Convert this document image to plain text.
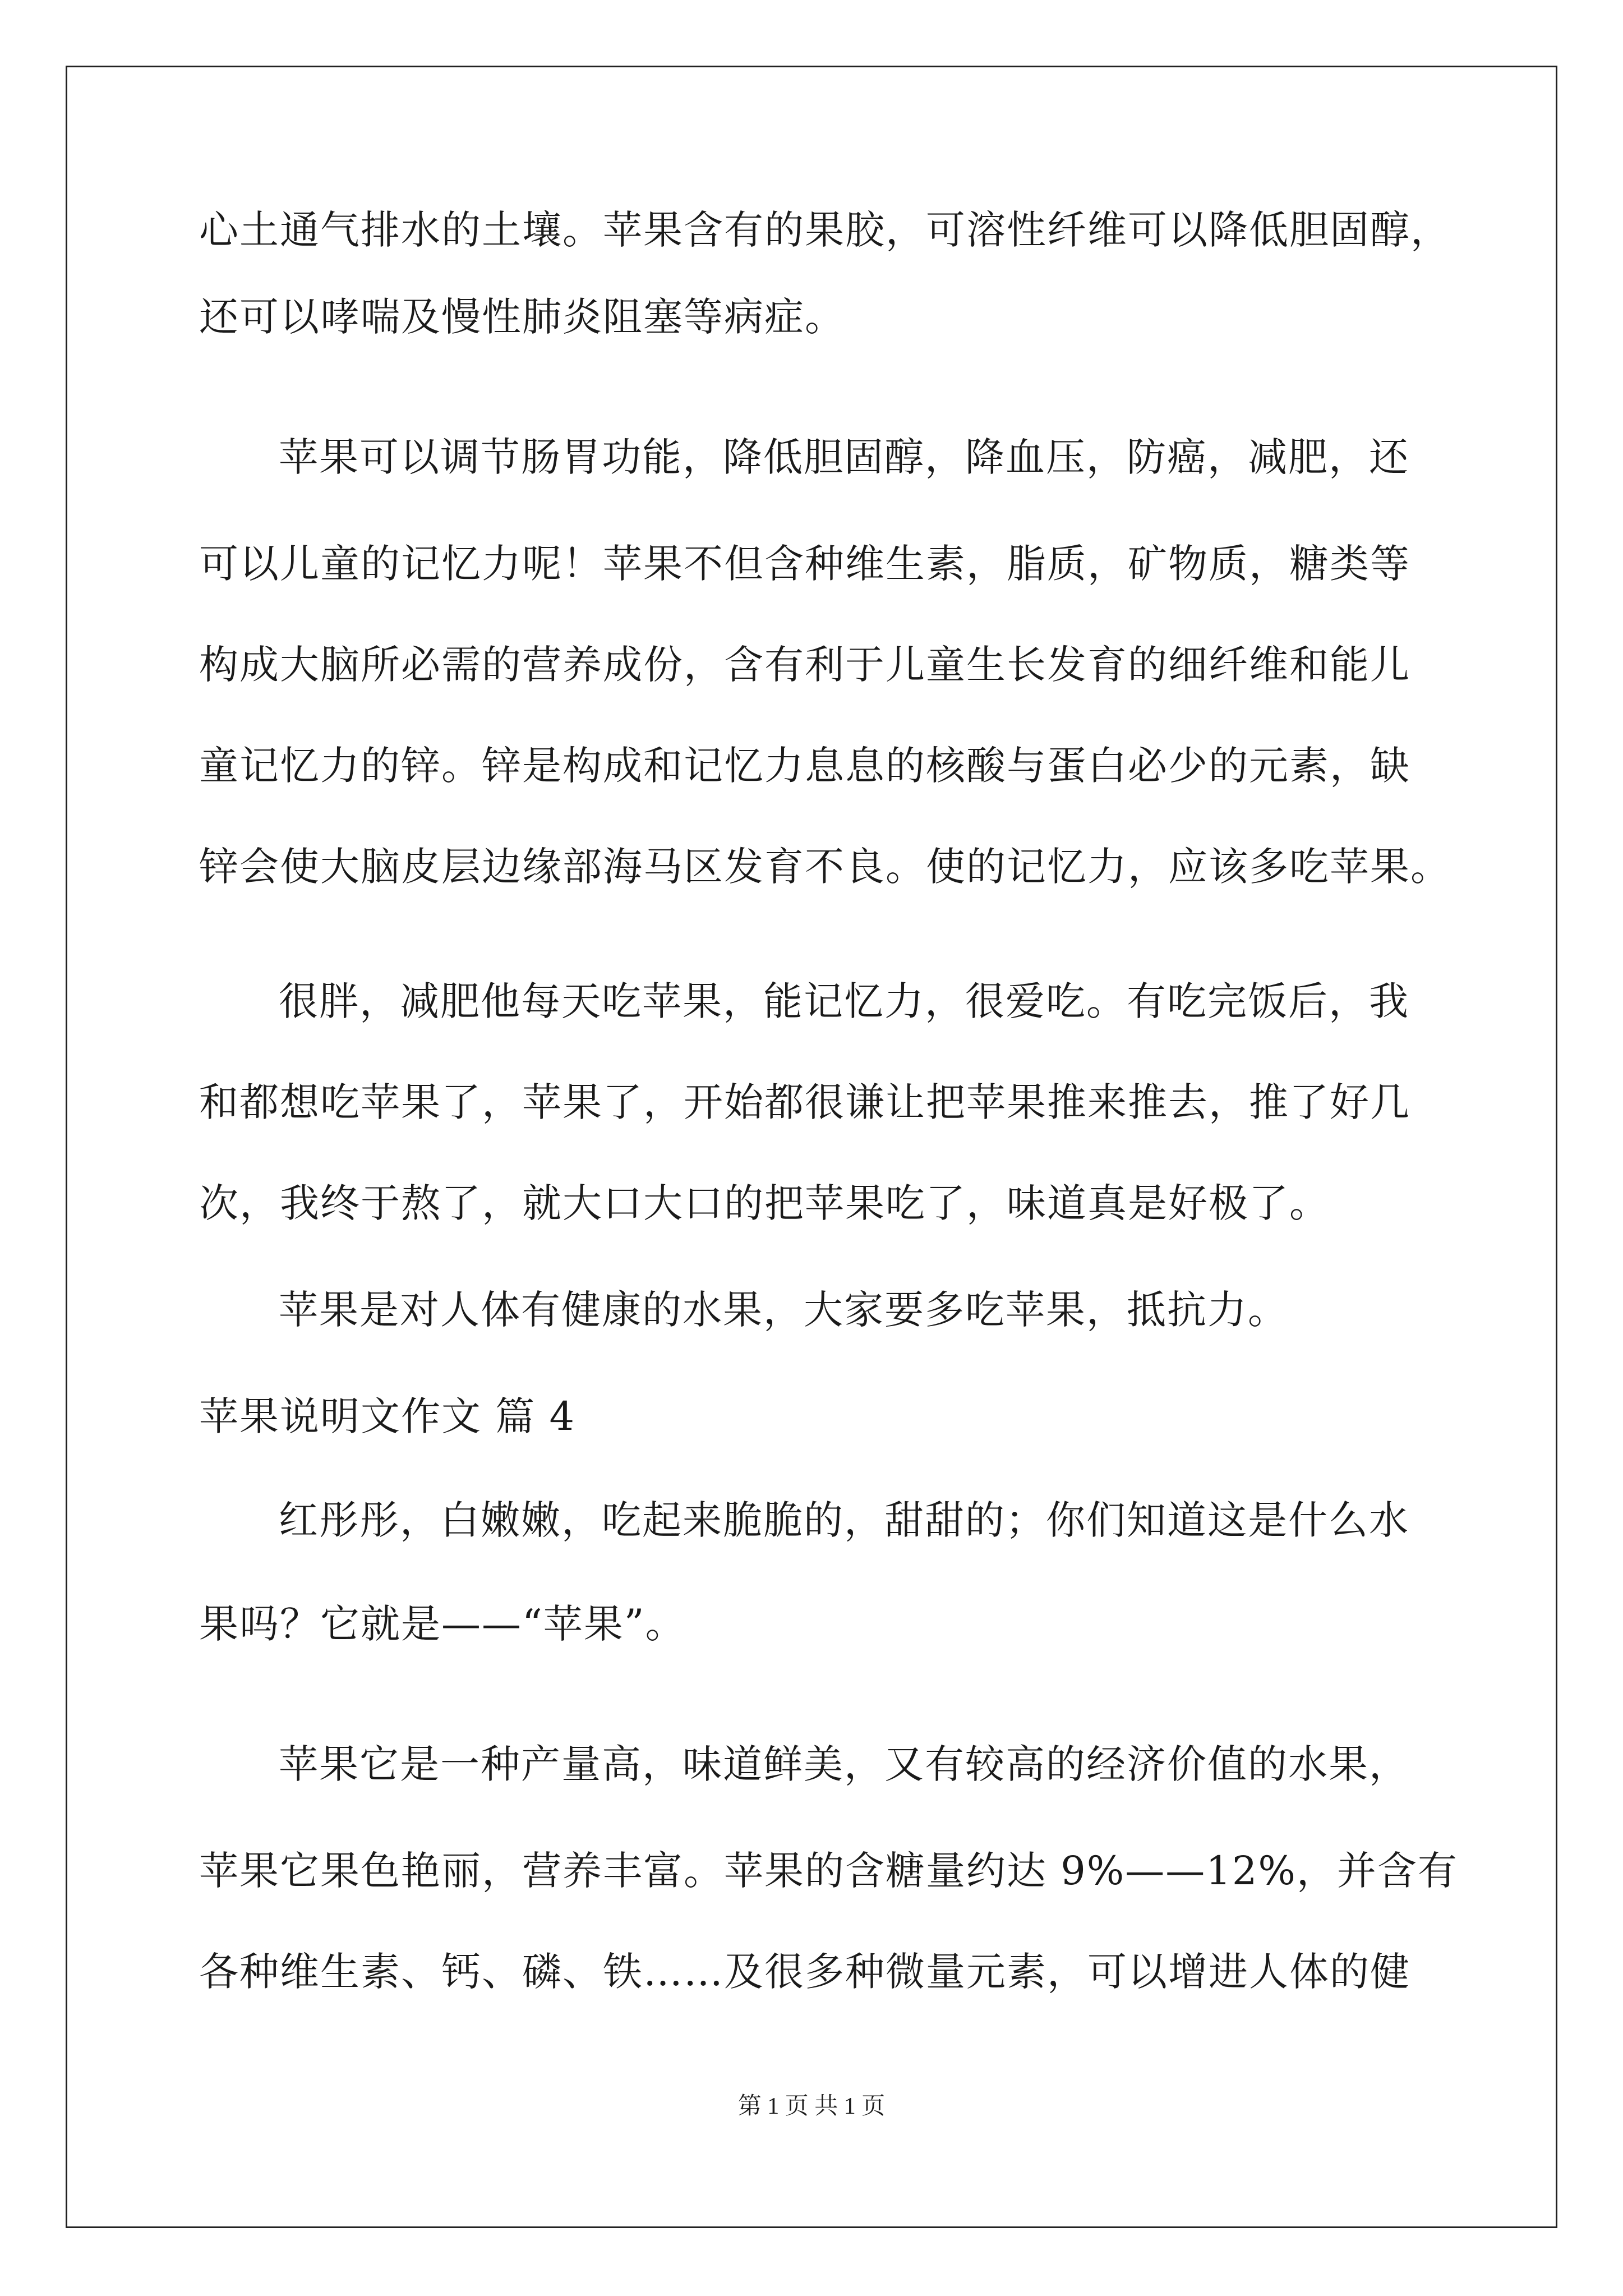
心土通气排水的土壤。苹果含有的果胶，可溶性纤维可以降低胆固醇，
还可以哮喘及慢性肺炎阻塞等病症。
苹果可以调节肠胃功能，降低胆固醇，降血压，防癌，减肥，还
可以儿童的记忆力呢！苹果不但含种维生素，脂质，矿物质，糖类等
构成大脑所必需的营养成份，含有利于儿童生长发育的细纤维和能儿
童记忆力的锌。锌是构成和记忆力息息的核酸与蛋白必少的元素，缺
锌会使大脑皮层边缘部海马区发育不良。使的记忆力，应该多吃苹果。
很胖，减肥他每天吃苹果，能记忆力，很爱吃。有吃完饭后，我
和都想吃苹果了，苹果了，开始都很谦让把苹果推来推去，推了好几
次，我终于熬了，就大口大口的把苹果吃了，味道真是好极了。
苹果是对人体有健康的水果，大家要多吃苹果，抵抗力。
苹果说明文作文 篇 4
红彤彤，白嫩嫩，吃起来脆脆的，甜甜的；你们知道这是什么水
果吗？它就是——“苹果”。
苹果它是一种产量高，味道鲜美，又有较高的经济价值的水果，
苹果它果色艳丽，营养丰富。苹果的含糖量约达 9%——12%，并含有
各种维生素、钙、磷、铁……及很多种微量元素，可以增进人体的健
第 1 页 共 1 页
